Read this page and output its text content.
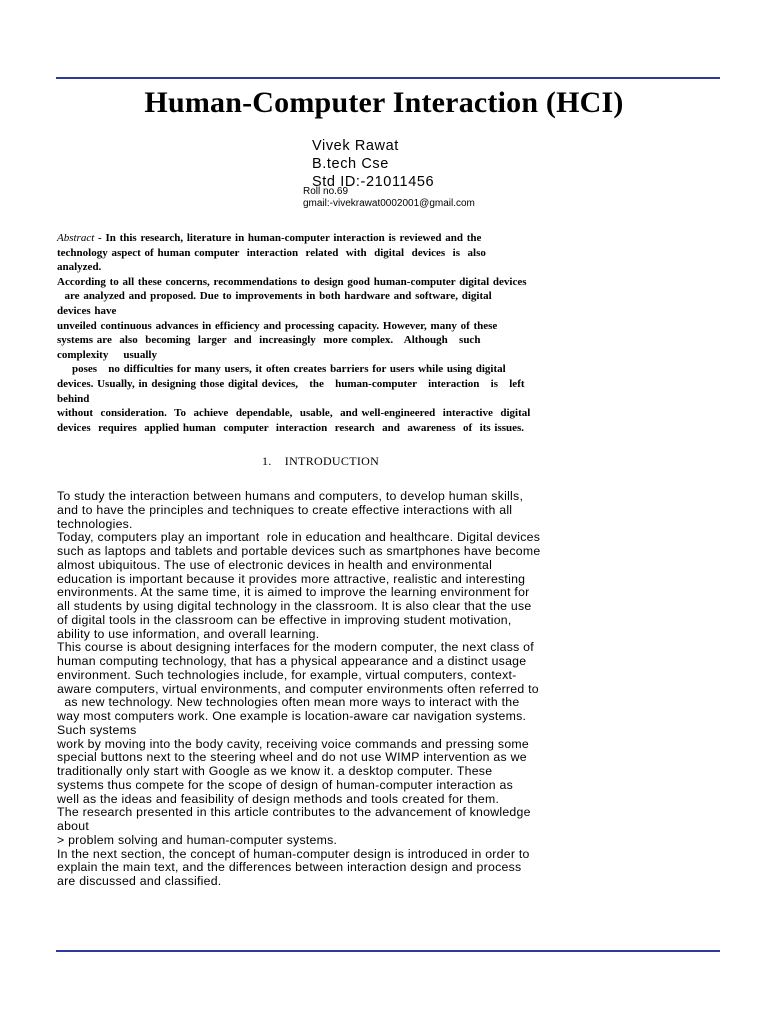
Human-Computer Interaction (HCI)
Vivek Rawat
B.tech Cse
Std ID:-21011456
Roll no.69
gmail:-vivekrawat0002001@gmail.com
Abstract - In this research, literature in human-computer interaction is reviewed and the
technology aspect of human computer  interaction  related  with  digital  devices  is  also
analyzed.
According to all these concerns, recommendations to design good human-computer digital devices
are analyzed and proposed. Due to improvements in both hardware and software, digital
devices have
unveiled continuous advances in efficiency and processing capacity. However, many of these
systems are  also  becoming  larger  and  increasingly  more complex.   Although   such
complexity    usually
poses   no difficulties for many users, it often creates barriers for users while using digital
devices. Usually, in designing those digital devices,   the   human-computer   interaction   is   left
behind
without  consideration.  To  achieve  dependable,  usable,  and well-engineered  interactive  digital
devices  requires  applied human  computer  interaction  research  and  awareness  of  its issues.
1.    INTRODUCTION
To study the interaction between humans and computers, to develop human skills,
and to have the principles and techniques to create effective interactions with all
technologies.
Today, computers play an important  role in education and healthcare. Digital devices
such as laptops and tablets and portable devices such as smartphones have become
almost ubiquitous. The use of electronic devices in health and environmental
education is important because it provides more attractive, realistic and interesting
environments. At the same time, it is aimed to improve the learning environment for
all students by using digital technology in the classroom. It is also clear that the use
of digital tools in the classroom can be effective in improving student motivation,
ability to use information, and overall learning.
This course is about designing interfaces for the modern computer, the next class of
human computing technology, that has a physical appearance and a distinct usage
environment. Such technologies include, for example, virtual computers, context-
aware computers, virtual environments, and computer environments often referred to
as new technology. New technologies often mean more ways to interact with the
way most computers work. One example is location-aware car navigation systems.
Such systems
work by moving into the body cavity, receiving voice commands and pressing some
special buttons next to the steering wheel and do not use WIMP intervention as we
traditionally only start with Google as we know it. a desktop computer. These
systems thus compete for the scope of design of human-computer interaction as
well as the ideas and feasibility of design methods and tools created for them.
The research presented in this article contributes to the advancement of knowledge
about
> problem solving and human-computer systems.
In the next section, the concept of human-computer design is introduced in order to
explain the main text, and the differences between interaction design and process
are discussed and classified.
